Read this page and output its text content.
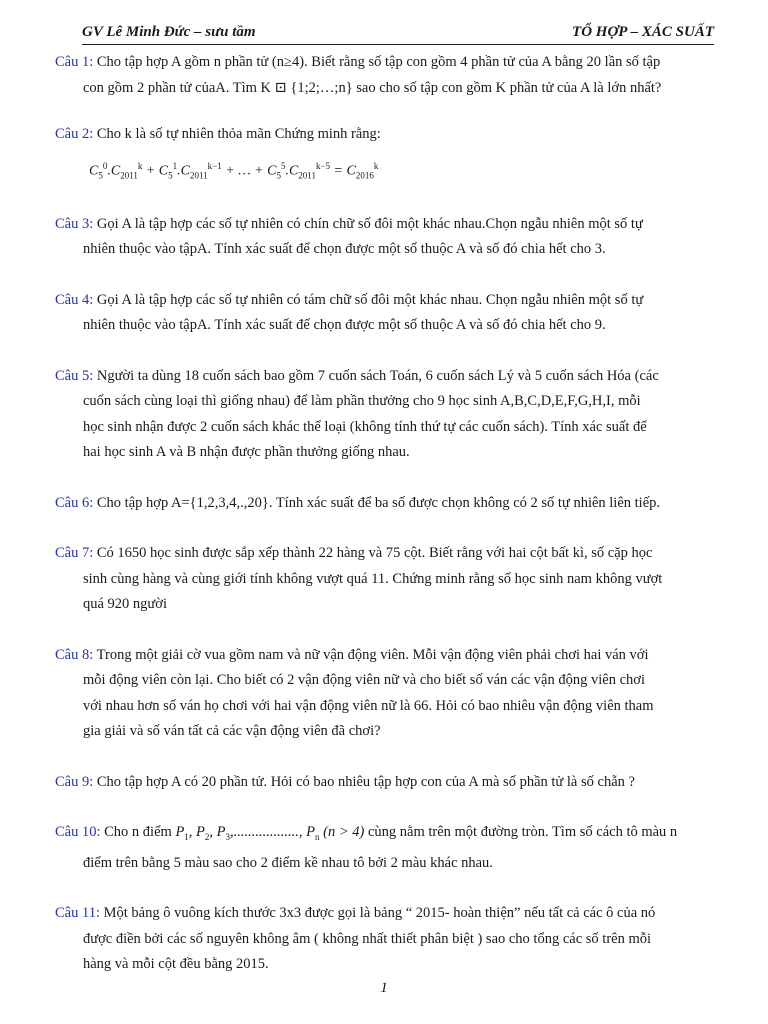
GV Lê Minh Đức – sưu tầm	TỔ HỢP – XÁC SUẤT

Câu 1: Cho tập hợp A gồm n phần tử (n≥4). Biết rằng số tập con gồm 4 phần tử của A bằng 20 lần số tập
con gồm 2 phần tử củaA. Tìm K ⊡ {1;2;…;n} sao cho số tập con gồm K phần tử của A là lớn nhất?

Câu 2: Cho k là số tự nhiên thỏa mãn Chứng minh rằng:

$C_5^0.C_{2011}^k + C_5^1.C_{2011}^{k-1}$ + … + $C_5^5.C_{2011}^{k-5} = C_{2016}^k$

Câu 3: Gọi A là tập hợp các số tự nhiên có chín chữ số đôi một khác nhau.Chọn ngẫu nhiên một số tự
nhiên thuộc vào tậpA. Tính xác suất để chọn được một số thuộc A và số đó chia hết cho 3.

Câu 4: Gọi A là tập hợp các số tự nhiên có tám chữ số đôi một khác nhau. Chọn ngẫu nhiên một số tự
nhiên thuộc vào tậpA. Tính xác suất để chọn được một số thuộc A và số đó chia hết cho 9.

Câu 5: Người ta dùng 18 cuốn sách bao gồm 7 cuốn sách Toán, 6 cuốn sách Lý và 5 cuốn sách Hóa (các
cuốn sách cùng loại thì giống nhau) để làm phần thưởng cho 9 học sinh A,B,C,D,E,F,G,H,I, mỗi
học sinh nhận được 2 cuốn sách khác thể loại (không tính thứ tự các cuốn sách). Tính xác suất để
hai học sinh A và B nhận được phần thưởng giống nhau.

Câu 6: Cho tập hợp A={1,2,3,4,.,20}. Tính xác suất để ba số được chọn không có 2 số tự nhiên liên tiếp.

Câu 7: Có 1650 học sinh được sắp xếp thành 22 hàng và 75 cột. Biết rằng với hai cột bất kì, số cặp học
sinh cùng hàng và cùng giới tính không vượt quá 11. Chứng minh rằng số học sinh nam không vượt
quá 920 người

Câu 8: Trong một giải cờ vua gồm nam và nữ vận động viên. Mỗi vận động viên phải chơi hai ván với
mỗi động viên còn lại. Cho biết có 2 vận động viên nữ và cho biết số ván các vận động viên chơi
với nhau hơn số ván họ chơi với hai vận động viên nữ là 66. Hỏi có bao nhiêu vận động viên tham
gia giải và số ván tất cả các vận động viên đã chơi?

Câu 9: Cho tập hợp A có 20 phần tử. Hỏi có bao nhiêu tập hợp con của A mà số phần tử là số chẵn ?

Câu 10: Cho n điểm $P_1$, $P_2$, $P_3$,.................., $P_n$ (n > 4) cùng nằm trên một đường tròn. Tìm số cách tô màu n
điểm trên bằng 5 màu sao cho 2 điểm kề nhau tô bởi 2 màu khác nhau.

Câu 11: Một bảng ô vuông kích thước 3x3 được gọi là bảng “ 2015- hoàn thiện” nếu tất cả các ô của nó
được điền bởi các số nguyên không âm ( không nhất thiết phân biệt ) sao cho tổng các số trên mỗi
hàng và mỗi cột đều bằng 2015.

1
